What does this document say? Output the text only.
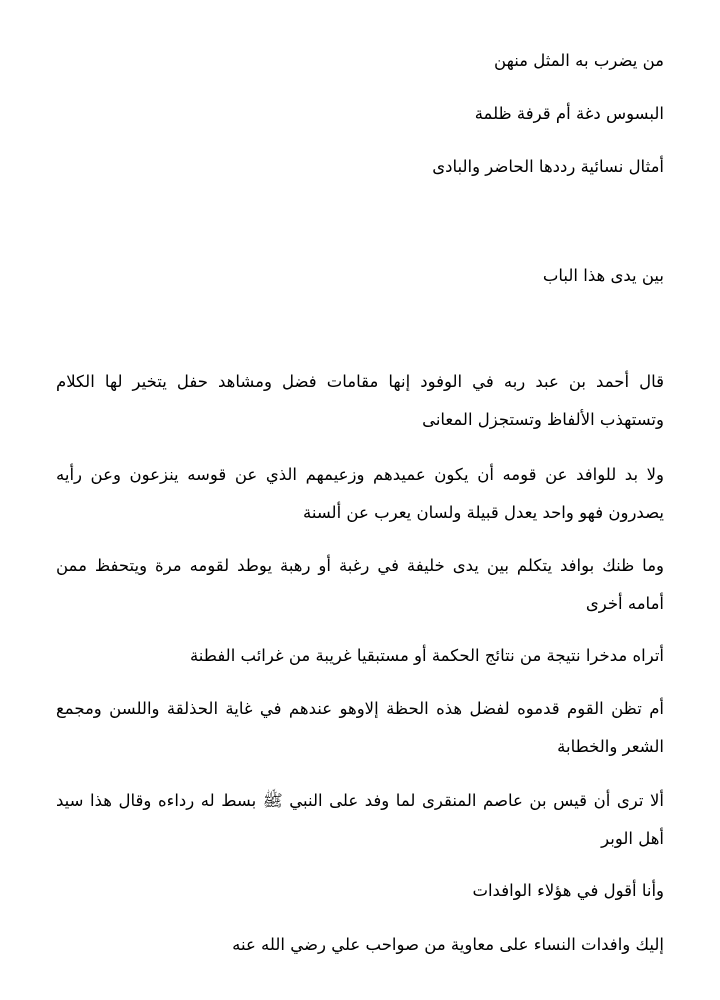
من يضرب به المثل منهن

البسوس دغة أم قرفة ظلمة

أمثال نسائية رددها الحاضر والبادى

بين يدى هذا الباب

قال أحمد بن عبد ربه في الوفود إنها مقامات فضل ومشاهد حفل يتخير لها الكلام وتستهذب الألفاظ وتستجزل المعانى

ولا بد للوافد عن قومه أن يكون عميدهم وزعيمهم الذي عن قوسه ينزعون وعن رأيه يصدرون فهو واحد يعدل قبيلة ولسان يعرب عن ألسنة

وما ظنك بوافد يتكلم بين يدى خليفة في رغبة أو رهبة يوطد لقومه مرة ويتحفظ ممن أمامه أخرى

أتراه مدخرا نتيجة من نتائج الحكمة أو مستبقيا غريبة من غرائب الفطنة

أم تظن القوم قدموه لفضل هذه الحظة إلاوهو عندهم في غاية الحذلقة واللسن ومجمع الشعر والخطابة

ألا ترى أن قيس بن عاصم المنقرى لما وفد على النبي ﷺ بسط له رداءه وقال هذا سيد أهل الوبر

وأنا أقول في هؤلاء الوافدات

إليك وافدات النساء على معاوية من صواحب علي رضي الله عنه
